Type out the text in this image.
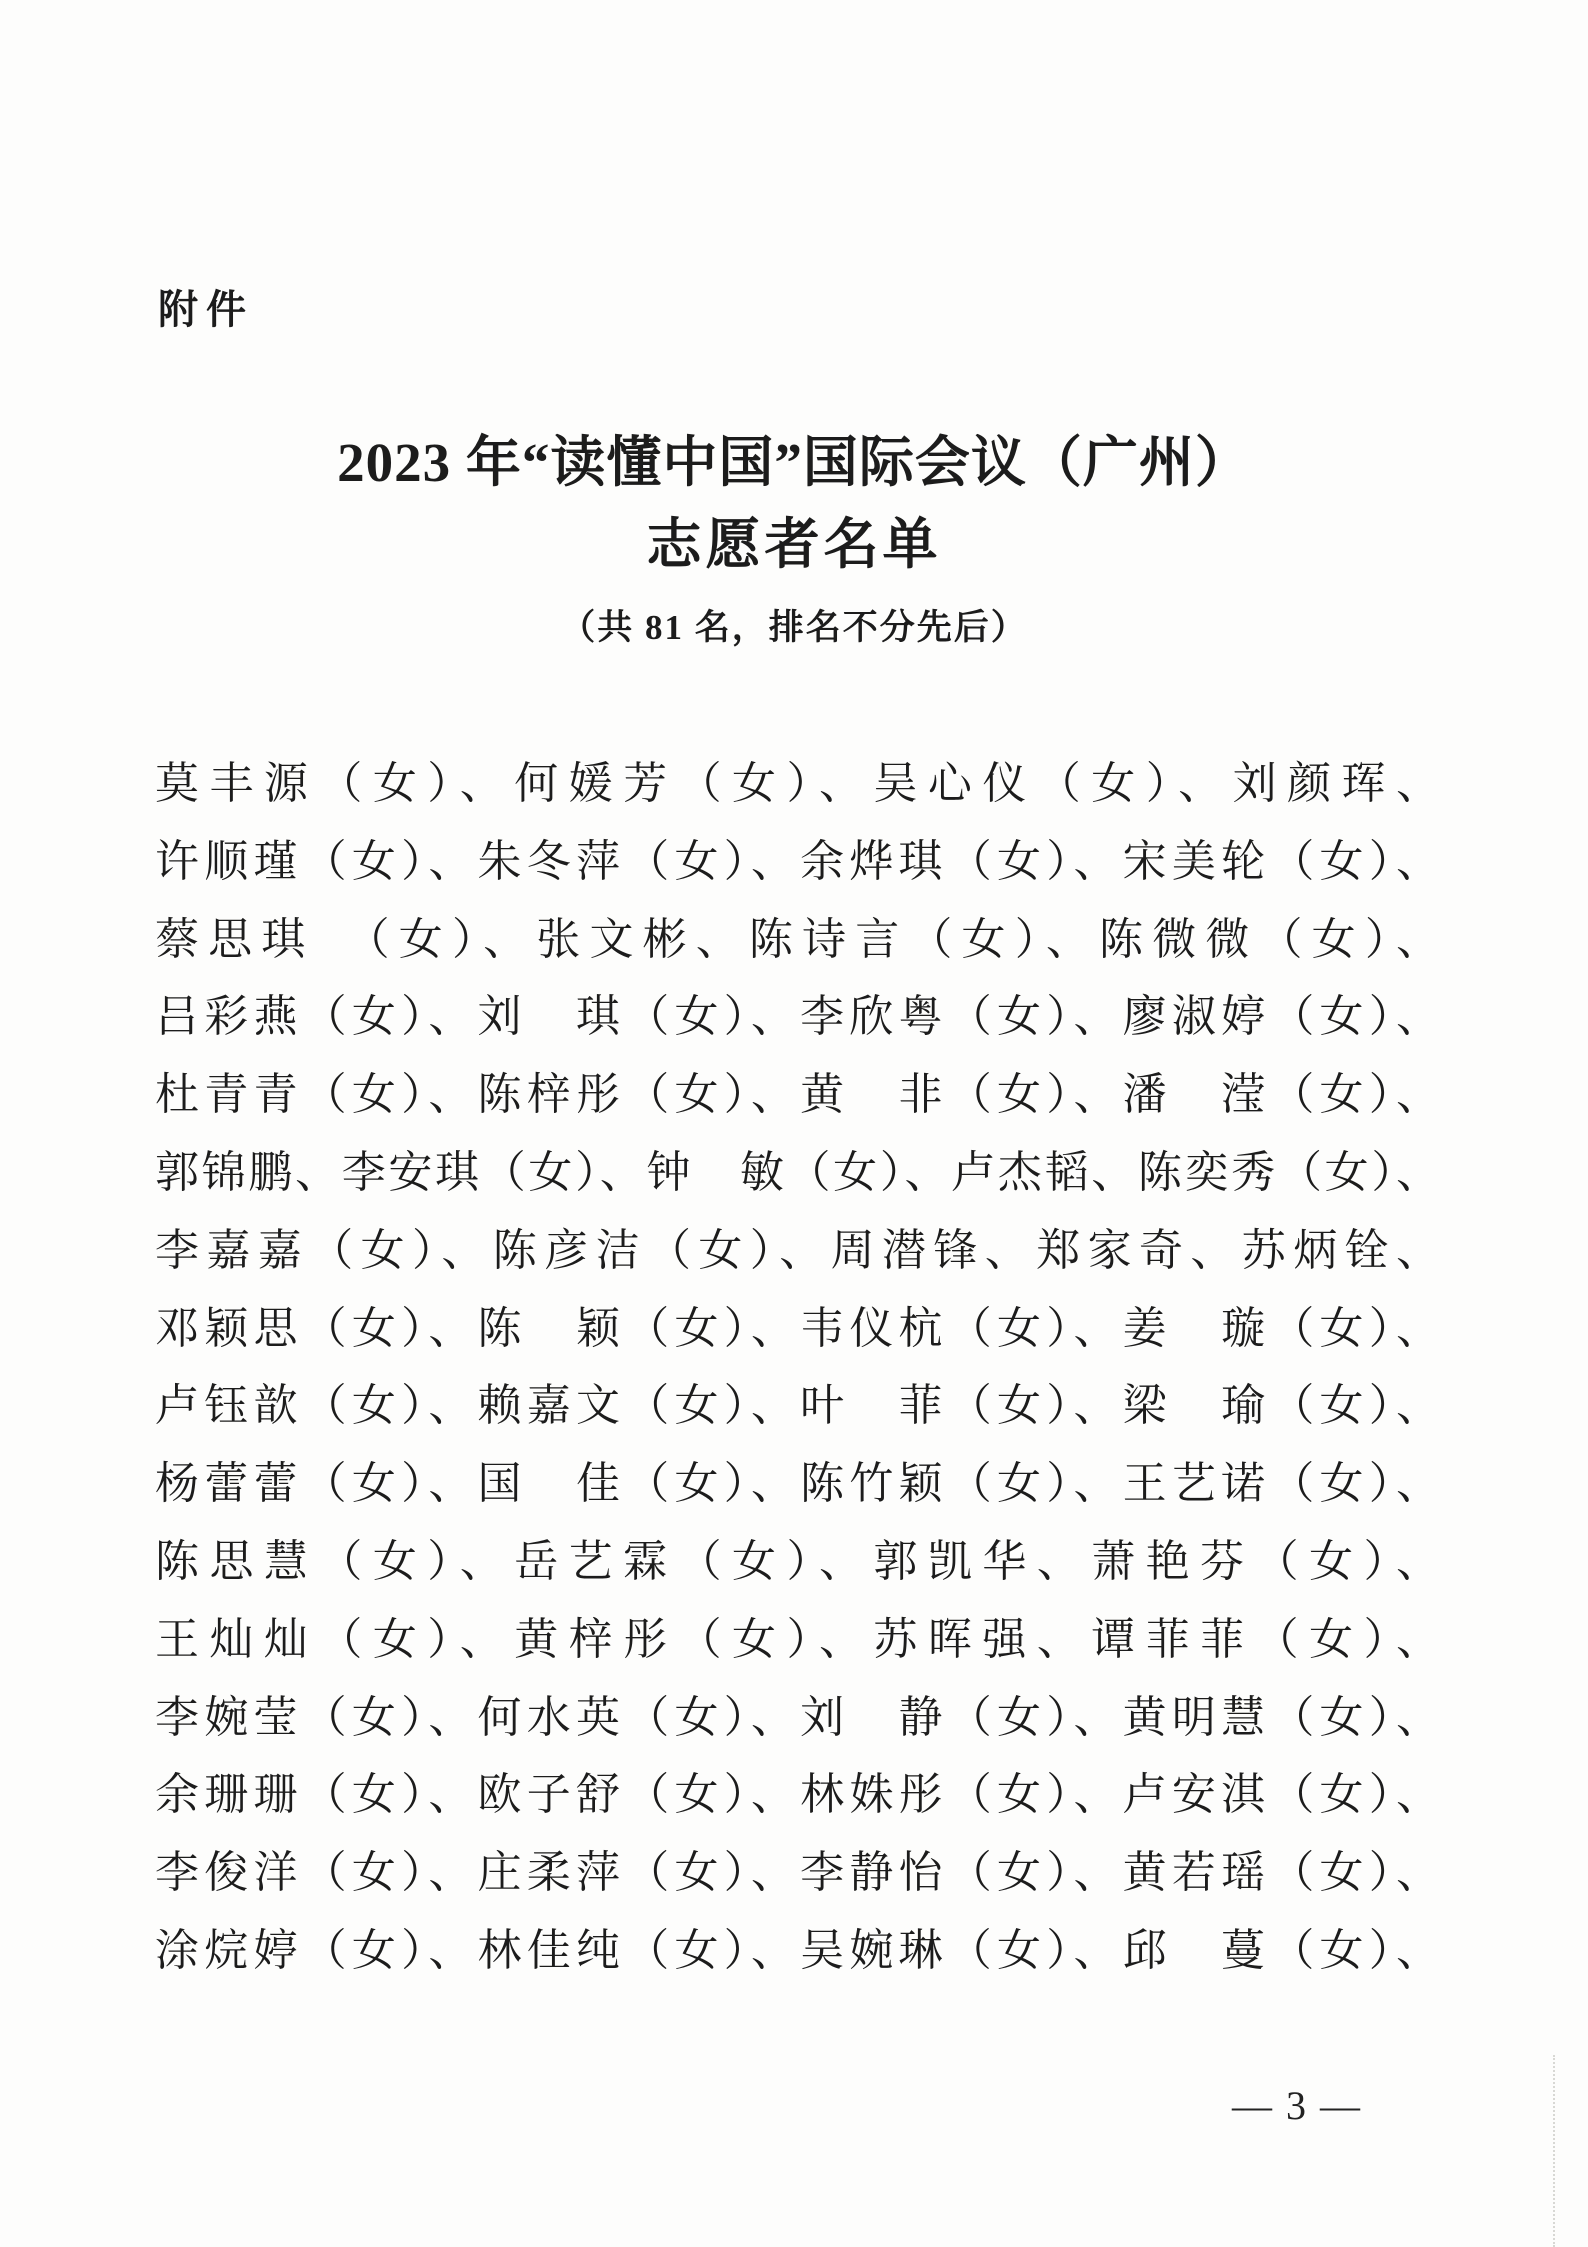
附件
2023 年“读懂中国”国际会议（广州）
志愿者名单
（共 81 名，排名不分先后）
莫丰源（女）、何媛芳（女）、吴心仪（女）、刘颜珲、
许顺瑾（女）、朱冬萍（女）、余烨琪（女）、宋美轮（女）、
蔡思琪　（女）、张文彬、陈诗言（女）、陈微微（女）、
吕彩燕（女）、刘　琪（女）、李欣粤（女）、廖淑婷（女）、
杜青青（女）、陈梓彤（女）、黄　非（女）、潘　滢（女）、
郭锦鹏、李安琪（女）、钟　敏（女）、卢杰韬、陈奕秀（女）、
李嘉嘉（女）、陈彦洁（女）、周潜锋、郑家奇、苏炳铨、
邓颖思（女）、陈　颖（女）、韦仪杭（女）、姜　璇（女）、
卢钰歆（女）、赖嘉文（女）、叶　菲（女）、梁　瑜（女）、
杨蕾蕾（女）、国　佳（女）、陈竹颖（女）、王艺诺（女）、
陈思慧（女）、岳艺霖（女）、郭凯华、萧艳芬（女）、
王灿灿（女）、黄梓彤（女）、苏晖强、谭菲菲（女）、
李婉莹（女）、何水英（女）、刘　静（女）、黄明慧（女）、
余珊珊（女）、欧子舒（女）、林姝彤（女）、卢安淇（女）、
李俊洋（女）、庄柔萍（女）、李静怡（女）、黄若瑶（女）、
涂烷婷（女）、林佳纯（女）、吴婉琳（女）、邱　蔓（女）、
— 3 —
